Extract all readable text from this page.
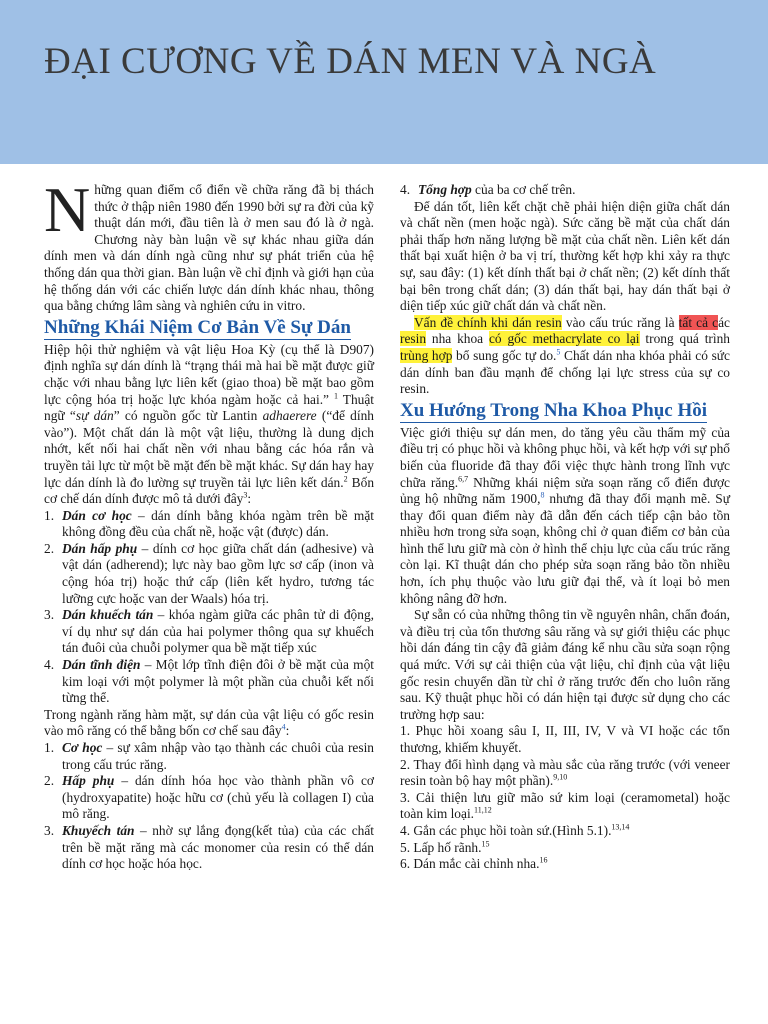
ĐẠI CƯƠNG VỀ DÁN MEN VÀ NGÀ

Những quan điểm cổ điển về chữa răng đã bị thách thức ở thập niên 1980 đến 1990 bởi sự ra đời của kỹ thuật dán mới, đầu tiên là ở men sau đó là ở ngà. Chương này bàn luận về sự khác nhau giữa dán dính men và dán dính ngà cũng như sự phát triển của hệ thống dán qua thời gian. Bàn luận về chỉ định và giới hạn của hệ thống dán với các chiến lược dán dính khác nhau, thông qua bằng chứng lâm sàng và nghiên cứu in vitro.

Những Khái Niệm Cơ Bản Về Sự Dán

Hiệp hội thử nghiệm và vật liệu Hoa Kỳ (cụ thể là D907) định nghĩa sự dán dính là “trạng thái mà hai bề mặt được giữ chặc với nhau bằng lực liên kết (giao thoa) bề mặt bao gồm lực cộng hóa trị hoặc lực khóa ngàm hoặc cả hai.” $^1$ Thuật ngữ “sự dán” có nguồn gốc từ Lantin adhaerere (“để dính vào”). Một chất dán là một vật liệu, thường là dung dịch nhớt, kết nối hai chất nền với nhau bằng các hóa rắn và truyền tải lực từ một bề mặt đến bề mặt khác. Sự dán hay hay lực dán dính là đo lường sự truyền tải lực liên kết dán.$^2$ Bốn cơ chế dán dính được mô tả dưới đây$^3$:

1. Dán cơ học – dán dính bằng khóa ngàm trên bề mặt không đồng đều của chất nề, hoặc vật (được) dán.

2. Dán hấp phụ – dính cơ học giữa chất dán (adhesive) và vật dán (adherend); lực này bao gồm lực sơ cấp (inon và cộng hóa trị) hoặc thứ cấp (liên kết hydro, tương tác lưỡng cực hoặc van der Waals) hóa trị.

3. Dán khuếch tán – khóa ngàm giữa các phân tử di động, ví dụ như sự dán của hai polymer thông qua sự khuếch tán đuôi của chuỗi polymer qua bề mặt tiếp xúc

4. Dán tĩnh điện – Một lớp tĩnh điện đôi ở bề mặt của một kim loại với một polymer là một phần của chuỗi kết nối từng thể.

Trong ngành răng hàm mặt, sự dán của vật liệu có gốc resin vào mô răng có thể bằng bốn cơ chế sau đây$^4$:

1. Cơ học – sự xâm nhập vào tạo thành các chuôi của resin trong cấu trúc răng.

2. Hấp phụ – dán dính hóa học vào thành phần vô cơ (hydroxyapatite) hoặc hữu cơ (chủ yếu là collagen I) của mô răng.

3. Khuyếch tán – nhờ sự lắng đọng(kết tủa) của các chất trên bề mặt răng mà các monomer của resin có thể dán dính cơ học hoặc hóa học.

4. Tổng hợp của ba cơ chế trên.

Để dán tốt, liên kết chặt chẽ phải hiện diện giữa chất dán và chất nền (men hoặc ngà). Sức căng bề mặt của chất dán phải thấp hơn năng lượng bề mặt của chất nền. Liên kết dán thất bại xuất hiện ở ba vị trí, thường kết hợp khi xảy ra thực sự, sau đây: (1) kết dính thất bại ở chất nền; (2) kết dính thất bại bên trong chất dán; (3) dán thất bại, hay dán thất bại ở diện tiếp xúc giữ chất dán và chất nền.

Vấn đề chính khi dán resin vào cấu trúc răng là tất cả các resin nha khoa có gốc methacrylate co lại trong quá trình trùng hợp bổ sung gốc tự do.$^5$ Chất dán nha khóa phải có sức dán dính ban đầu mạnh để chống lại lực stress của sự co resin.

Xu Hướng Trong Nha Khoa Phục Hồi

Việc giới thiệu sự dán men, do tăng yêu cầu thẩm mỹ của điều trị có phục hồi và không phục hồi, và kết hợp với sự phổ biến của fluoride đã thay đổi việc thực hành trong lĩnh vực chữa răng.$^{6,7}$ Những khái niệm sửa soạn răng cổ điển được ủng hộ những năm 1900,$^8$ nhưng đã thay đổi mạnh mẽ. Sự thay đổi quan điểm này đã dẫn đến cách tiếp cận bảo tồn nhiều hơn trong sửa soạn, không chỉ ở quan điểm cơ bản của hình thể lưu giữ mà còn ở hình thể chịu lực của cấu trúc răng còn lại. Kĩ thuật dán cho phép sửa soạn răng bảo tồn nhiều hơn, ích phụ thuộc vào lưu giữ đại thể, và ít loại bỏ men không nâng đỡ hơn.

Sự sẵn có của những thông tin về nguyên nhân, chẩn đoán, và điều trị của tổn thương sâu răng và sự giới thiệu các phục hồi dán đáng tin cậy đã giảm đáng kể nhu cầu sửa soạn rộng quá mức. Với sự cải thiện của vật liệu, chỉ định của vật liệu gốc resin chuyển dần từ chỉ ở răng trước đến cho luôn răng sau. Kỹ thuật phục hồi có dán hiện tại được sử dụng cho các trường hợp sau:

1. Phục hồi xoang sâu I, II, III, IV, V và VI hoặc các tổn thương, khiếm khuyết.

2. Thay đổi hình dạng và màu sắc của răng trước (với veneer resin toàn bộ hay một phần).$^{9,10}$

3. Cải thiện lưu giữ mão sứ kim loại (ceramometal) hoặc toàn kim loại.$^{11,12}$

4. Gắn các phục hồi toàn sứ.(Hình 5.1).$^{13,14}$

5. Lấp hố rãnh.$^{15}$

6. Dán mắc cài chỉnh nha.$^{16}$
